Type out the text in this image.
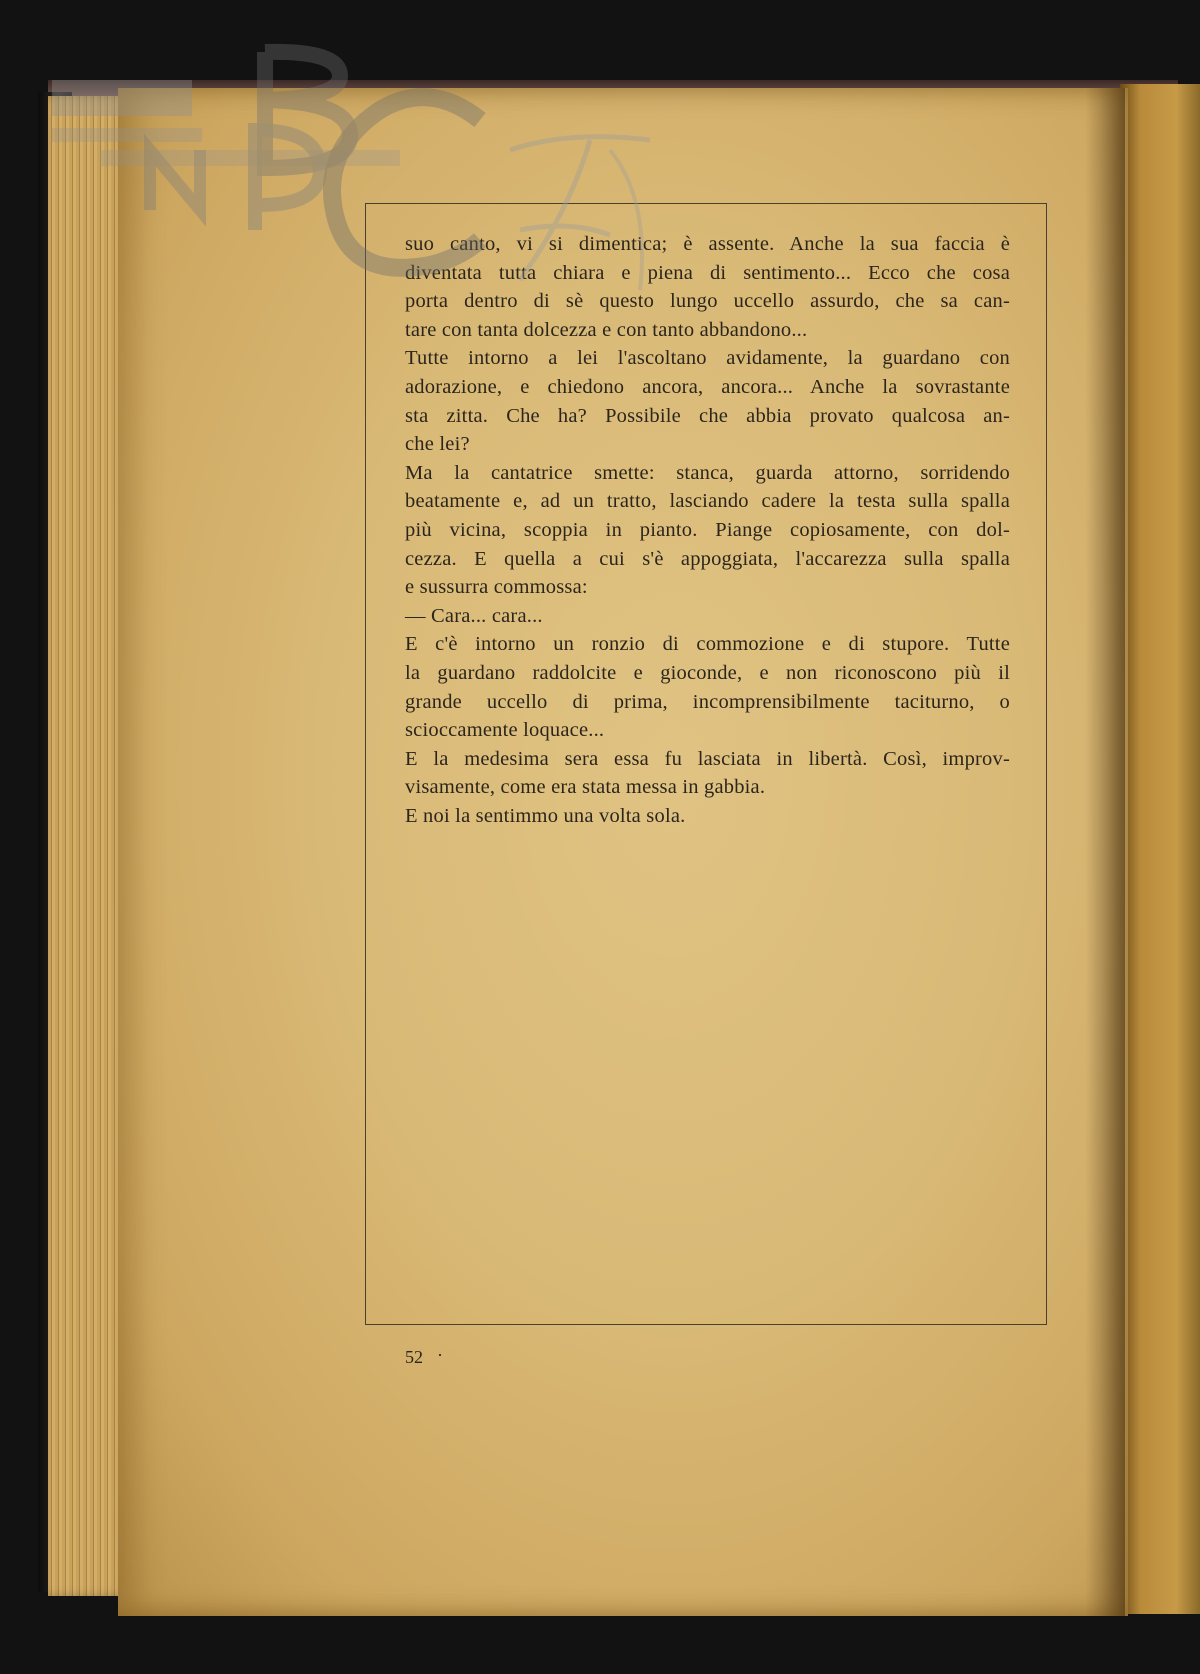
suo canto, vi si dimentica; è assente. Anche la sua faccia è
diventata tutta chiara e piena di sentimento... Ecco che cosa
porta dentro di sè questo lungo uccello assurdo, che sa can-
tare con tanta dolcezza e con tanto abbandono...
Tutte intorno a lei l'ascoltano avidamente, la guardano con
adorazione, e chiedono ancora, ancora... Anche la sovrastante
sta zitta. Che ha? Possibile che abbia provato qualcosa an-
che lei?
Ma la cantatrice smette: stanca, guarda attorno, sorridendo
beatamente e, ad un tratto, lasciando cadere la testa sulla spalla
più vicina, scoppia in pianto. Piange copiosamente, con dol-
cezza. E quella a cui s'è appoggiata, l'accarezza sulla spalla
e sussurra commossa:
— Cara... cara...
E c'è intorno un ronzio di commozione e di stupore. Tutte
la guardano raddolcite e gioconde, e non riconoscono più il
grande uccello di prima, incomprensibilmente taciturno, o
scioccamente loquace...
E la medesima sera essa fu lasciata in libertà. Così, improv-
visamente, come era stata messa in gabbia.
E noi la sentimmo una volta sola.
52 ·
